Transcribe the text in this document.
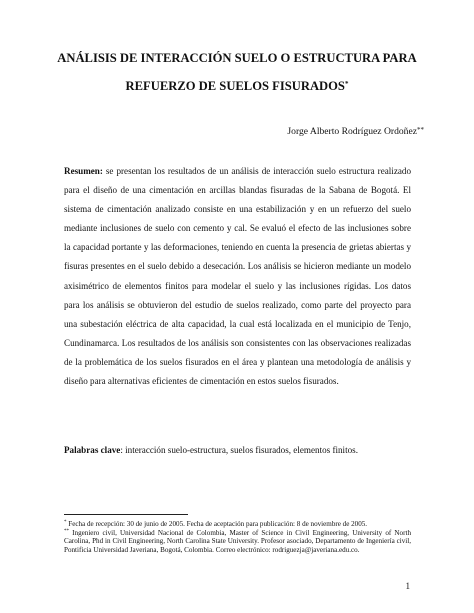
ANÁLISIS DE INTERACCIÓN SUELO O ESTRUCTURA PARA
REFUERZO DE SUELOS FISURADOS*
Jorge Alberto Rodríguez Ordoñez**

Resumen: se presentan los resultados de un análisis de interacción suelo estructura realizado para el diseño de una cimentación en arcillas blandas fisuradas de la Sabana de Bogotá. El sistema de cimentación analizado consiste en una estabilización y en un refuerzo del suelo mediante inclusiones de suelo con cemento y cal. Se evaluó el efecto de las inclusiones sobre la capacidad portante y las deformaciones, teniendo en cuenta la presencia de grietas abiertas y fisuras presentes en el suelo debido a desecación. Los análisis se hicieron mediante un modelo axisimétrico de elementos finitos para modelar el suelo y las inclusiones rígidas. Los datos para los análisis se obtuvieron del estudio de suelos realizado, como parte del proyecto para una subestación eléctrica de alta capacidad, la cual está localizada en el municipio de Tenjo, Cundinamarca. Los resultados de los análisis son consistentes con las observaciones realizadas de la problemática de los suelos fisurados en el área y plantean una metodología de análisis y diseño para alternativas eficientes de cimentación en estos suelos fisurados.

Palabras clave: interacción suelo-estructura, suelos fisurados, elementos finitos.

* Fecha de recepción: 30 de junio de 2005. Fecha de aceptación para publicación: 8 de noviembre de 2005.

** Ingeniero civil, Universidad Nacional de Colombia, Master of Science in Civil Engineering, University of North Carolina, Phd in Civil Engineering, North Carolina State University. Profesor asociado, Departamento de Ingeniería civil, Pontificia Universidad Javeriana, Bogotá, Colombia. Correo electrónico: rodriguezja@javeriana.edu.co.

1
